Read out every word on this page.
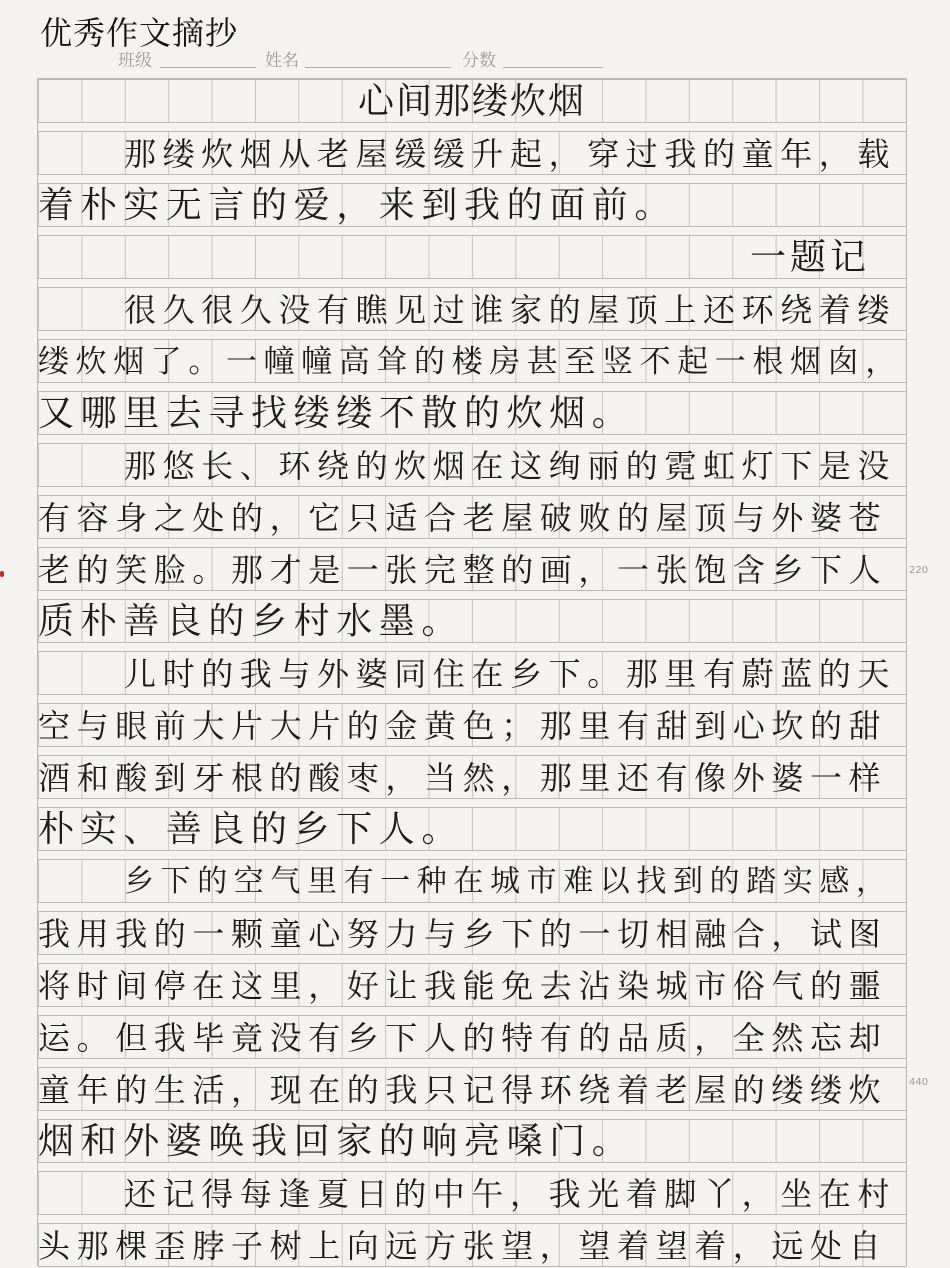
优秀作文摘抄
班级	姓名	分数
心间那缕炊烟
那缕炊烟从老屋缓缓升起，穿过我的童年，载
着朴实无言的爱，来到我的面前。
一题记
很久很久没有瞧见过谁家的屋顶上还环绕着缕
缕炊烟了。一幢幢高耸的楼房甚至竖不起一根烟囱，
又哪里去寻找缕缕不散的炊烟。
那悠长、环绕的炊烟在这绚丽的霓虹灯下是没
有容身之处的，它只适合老屋破败的屋顶与外婆苍
老的笑脸。那才是一张完整的画，一张饱含乡下人
质朴善良的乡村水墨。
儿时的我与外婆同住在乡下。那里有蔚蓝的天
空与眼前大片大片的金黄色；那里有甜到心坎的甜
酒和酸到牙根的酸枣，当然，那里还有像外婆一样
朴实、善良的乡下人。
乡下的空气里有一种在城市难以找到的踏实感，
我用我的一颗童心努力与乡下的一切相融合，试图
将时间停在这里，好让我能免去沾染城市俗气的噩
运。但我毕竟没有乡下人的特有的品质，全然忘却
童年的生活，现在的我只记得环绕着老屋的缕缕炊
烟和外婆唤我回家的响亮嗓门。
还记得每逢夏日的中午，我光着脚丫，坐在村
头那棵歪脖子树上向远方张望，望着望着，远处自
220
440
